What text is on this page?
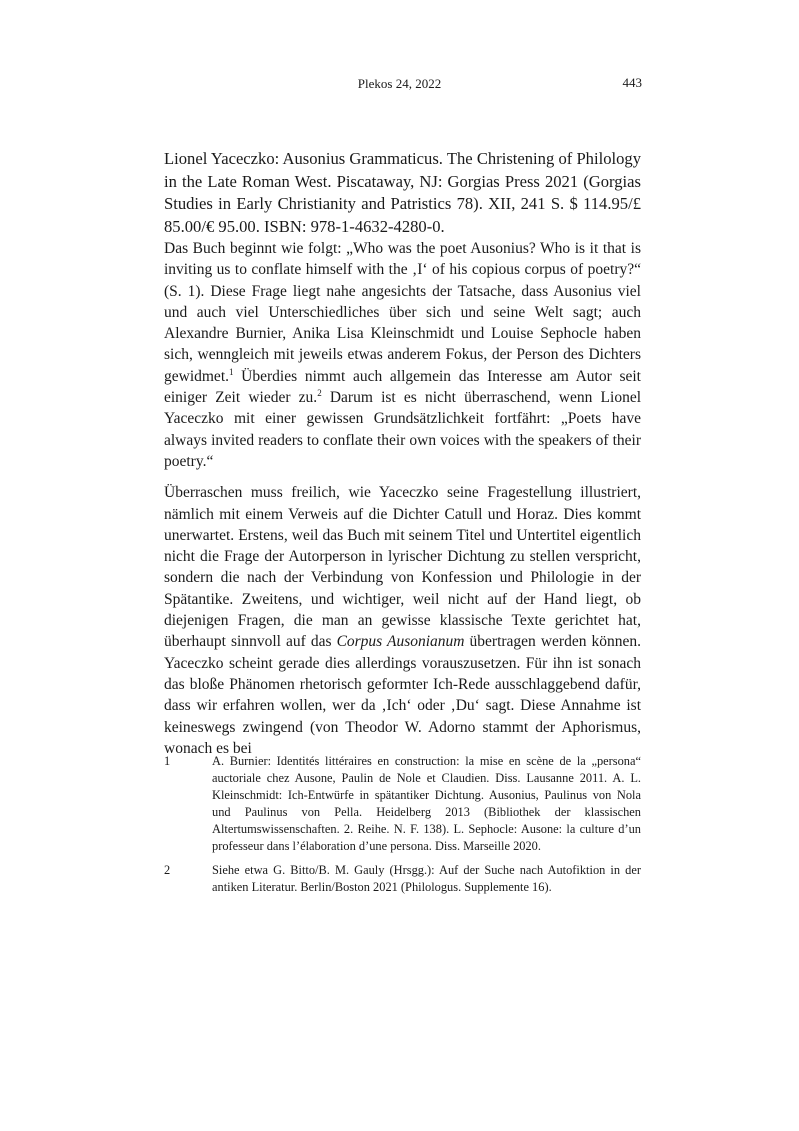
Plekos 24, 2022	443
Lionel Yaceczko: Ausonius Grammaticus. The Christening of Philology in the Late Roman West. Piscataway, NJ: Gorgias Press 2021 (Gorgias Studies in Early Christianity and Patristics 78). XII, 241 S. $ 114.95/£ 85.00/€ 95.00. ISBN: 978-1-4632-4280-0.

Das Buch beginnt wie folgt: „Who was the poet Ausonius? Who is it that is inviting us to conflate himself with the ‚I‘ of his copious corpus of poetry?“ (S. 1). Diese Frage liegt nahe angesichts der Tatsache, dass Ausonius viel und auch viel Unterschiedliches über sich und seine Welt sagt; auch Alexandre Burnier, Anika Lisa Kleinschmidt und Louise Sephocle haben sich, wenngleich mit jeweils etwas anderem Fokus, der Person des Dichters gewidmet.$^1$ Überdies nimmt auch allgemein das Interesse am Autor seit einiger Zeit wieder zu.$^2$ Darum ist es nicht überraschend, wenn Lionel Yaceczko mit einer gewissen Grundsätzlichkeit fortfährt: „Poets have always invited readers to conflate their own voices with the speakers of their poetry.“

Überraschen muss freilich, wie Yaceczko seine Fragestellung illustriert, nämlich mit einem Verweis auf die Dichter Catull und Horaz. Dies kommt unerwartet. Erstens, weil das Buch mit seinem Titel und Untertitel eigentlich nicht die Frage der Autorperson in lyrischer Dichtung zu stellen verspricht, sondern die nach der Verbindung von Konfession und Philologie in der Spätantike. Zweitens, und wichtiger, weil nicht auf der Hand liegt, ob diejenigen Fragen, die man an gewisse klassische Texte gerichtet hat, überhaupt sinnvoll auf das Corpus Ausonianum übertragen werden können. Yaceczko scheint gerade dies allerdings vorauszusetzen. Für ihn ist sonach das bloße Phänomen rhetorisch geformter Ich-Rede ausschlaggebend dafür, dass wir erfahren wollen, wer da ‚Ich‘ oder ‚Du‘ sagt. Diese Annahme ist keineswegs zwingend (von Theodor W. Adorno stammt der Aphorismus, wonach es bei

1	A. Burnier: Identités littéraires en construction: la mise en scène de la „persona“ auctoriale chez Ausone, Paulin de Nole et Claudien. Diss. Lausanne 2011. A. L. Kleinschmidt: Ich-Entwürfe in spätantiker Dichtung. Ausonius, Paulinus von Nola und Paulinus von Pella. Heidelberg 2013 (Bibliothek der klassischen Altertumswissenschaften. 2. Reihe. N. F. 138). L. Sephocle: Ausone: la culture d’un professeur dans l’élaboration d’une persona. Diss. Marseille 2020.
2	Siehe etwa G. Bitto/B. M. Gauly (Hrsgg.): Auf der Suche nach Autofiktion in der antiken Literatur. Berlin/Boston 2021 (Philologus. Supplemente 16).
